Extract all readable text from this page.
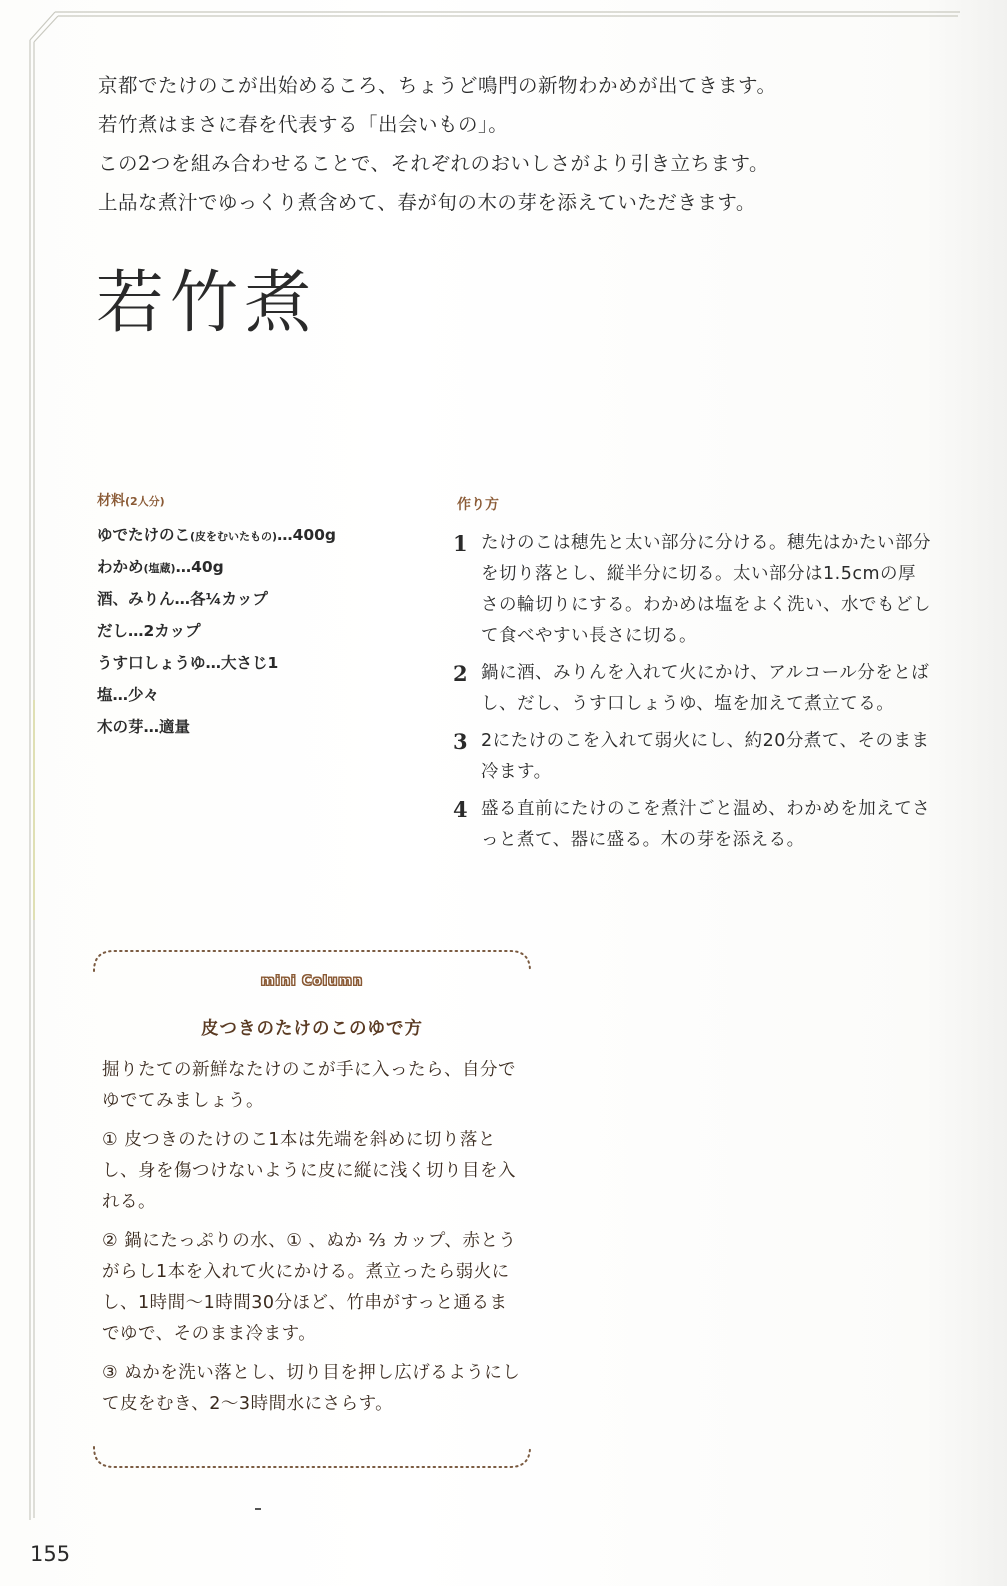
京都でたけのこが出始めるころ、ちょうど鳴門の新物わかめが出てきます。

若竹煮はまさに春を代表する「出会いもの」。

この2つを組み合わせることで、それぞれのおいしさがより引き立ちます。

上品な煮汁でゆっくり煮含めて、春が旬の木の芽を添えていただきます。

若竹煮
材料(2人分)
ゆでたけのこ(皮をむいたもの)…400g
わかめ(塩蔵)…40g
酒、みりん…各¼カップ
だし…2カップ
うす口しょうゆ…大さじ1
塩…少々
木の芽…適量
作り方
1 たけのこは穂先と太い部分に分ける。穂先はかたい部分を切り落とし、縦半分に切る。太い部分は1.5cmの厚さの輪切りにする。わかめは塩をよく洗い、水でもどして食べやすい長さに切る。
2 鍋に酒、みりんを入れて火にかけ、アルコール分をとばし、だし、うす口しょうゆ、塩を加えて煮立てる。
3 2にたけのこを入れて弱火にし、約20分煮て、そのまま冷ます。
4 盛る直前にたけのこを煮汁ごと温め、わかめを加えてさっと煮て、器に盛る。木の芽を添える。
mini Column
皮つきのたけのこのゆで方

掘りたての新鮮なたけのこが手に入ったら、自分でゆでてみましょう。

① 皮つきのたけのこ1本は先端を斜めに切り落とし、身を傷つけないように皮に縦に浅く切り目を入れる。

② 鍋にたっぷりの水、① 、ぬか ⅔ カップ、赤とうがらし1本を入れて火にかける。煮立ったら弱火にし、1時間〜1時間30分ほど、竹串がすっと通るまでゆで、そのまま冷ます。

③ ぬかを洗い落とし、切り目を押し広げるようにして皮をむき、2〜3時間水にさらす。

155
